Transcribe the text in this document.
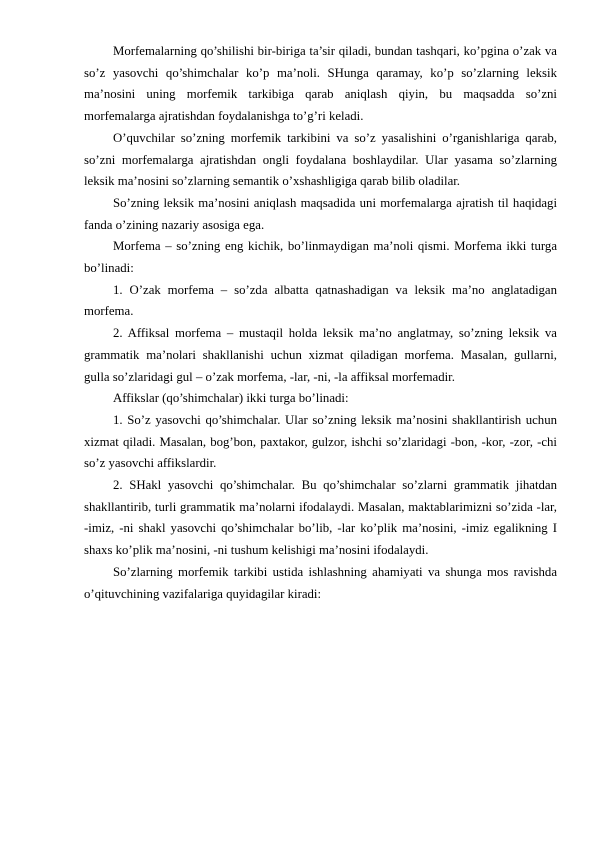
Morfemalarning qo’shilishi bir-biriga ta’sir qiladi, bundan tashqari, ko’pgina o’zak va so’z yasovchi qo’shimchalar ko’p ma’noli. SHunga qaramay, ko’p so’zlarning leksik ma’nosini uning morfemik tarkibiga qarab aniqlash qiyin, bu maqsadda so’zni morfemalarga ajratishdan foydalanishga to’g’ri keladi.

O’quvchilar so’zning morfemik tarkibini va so’z yasalishini o’rganishlariga qarab, so’zni morfemalarga ajratishdan ongli foydalana boshlaydilar. Ular yasama so’zlarning leksik ma’nosini so’zlarning semantik o’xshashligiga qarab bilib oladilar.

So’zning leksik ma’nosini aniqlash maqsadida uni morfemalarga ajratish til haqidagi fanda o’zining nazariy asosiga ega.

Morfema – so’zning eng kichik, bo’linmaydigan ma’noli qismi. Morfema ikki turga bo’linadi:

1. O’zak morfema – so’zda albatta qatnashadigan va leksik ma’no anglatadigan morfema.

2. Affiksal morfema – mustaqil holda leksik ma’no anglatmay, so’zning leksik va grammatik ma’nolari shakllanishi uchun xizmat qiladigan morfema. Masalan, gullarni, gulla so’zlaridagi gul – o’zak morfema, -lar, -ni, -la affiksal morfemadir.

Affikslar (qo’shimchalar) ikki turga bo’linadi:

1. So’z yasovchi qo’shimchalar. Ular so’zning leksik ma’nosini shakllantirish uchun xizmat qiladi. Masalan, bog’bon, paxtakor, gulzor, ishchi so’zlaridagi -bon, -kor, -zor, -chi so’z yasovchi affikslardir.

2. SHakl yasovchi qo’shimchalar. Bu qo’shimchalar so’zlarni grammatik jihatdan shakllantirib, turli grammatik ma’nolarni ifodalaydi. Masalan, maktablarimizni so’zida -lar, -imiz, -ni shakl yasovchi qo’shimchalar bo’lib, -lar ko’plik ma’nosini, -imiz egalikning I shaxs ko’plik ma’nosini, -ni tushum kelishigi ma’nosini ifodalaydi.

So’zlarning morfemik tarkibi ustida ishlashning ahamiyati va shunga mos ravishda o’qituvchining vazifalariga quyidagilar kiradi:
